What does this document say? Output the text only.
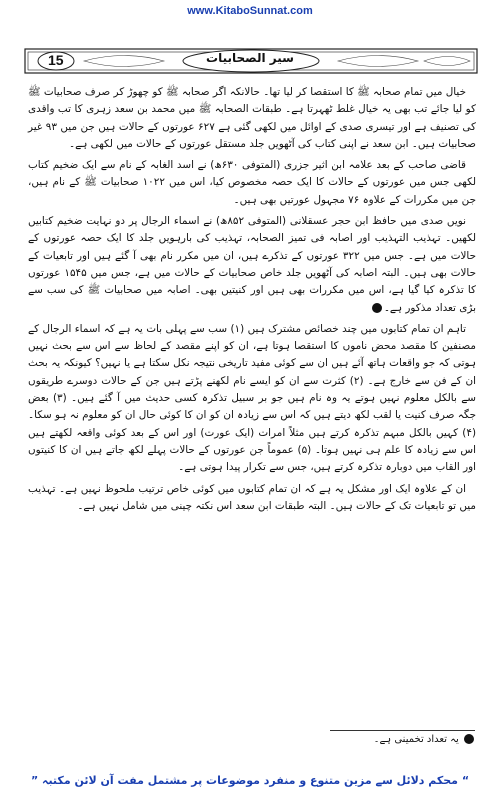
www.KitaboSunnat.com
15	سیر الصحابیات

خیال میں تمام صحابہ ﷺ کا استقصا کر لیا تھا۔ حالانکہ اگر صحابہ ﷺ کو چھوڑ کر صرف صحابیات ﷺ کو لیا جائے تب بھی یہ خیال غلط ٹھہرتا ہے۔ طبقات الصحابہ ﷺ میں محمد بن سعد زہری کا تب واقدی کی تصنیف ہے اور تیسری صدی کے اوائل میں لکھی گئی ہے ۶۲۷ عورتوں کے حالات ہیں جن میں ۹۳ غیر صحابیات ہیں۔ ابن سعد نے اپنی کتاب کی آٹھویں جلد مستقل عورتوں کے حالات میں لکھی ہے۔

قاضی صاحب کے بعد علامہ ابن اثیر جزری (المتوفی ۶۳۰ھ) نے اسد الغابہ کے نام سے ایک ضخیم کتاب لکھی جس میں عورتوں کے حالات کا ایک حصہ مخصوص کیا، اس میں ۱۰۲۲ صحابیات ﷺ کے نام ہیں، جن میں مکررات کے علاوہ ۷۶ مجہول عورتیں بھی ہیں۔

نویں صدی میں حافظ ابن حجر عسقلانی (المتوفی ۸۵۲ھ) نے اسماء الرجال پر دو نہایت ضخیم کتابیں لکھیں۔ تہذیب التہذیب اور اصابہ فی تمیز الصحابہ، تہذیب کی بارہویں جلد کا ایک حصہ عورتوں کے حالات میں ہے۔ جس میں ۳۲۲ عورتوں کے تذکرے ہیں، ان میں مکرر نام بھی آ گئے ہیں اور تابعیات کے حالات بھی ہیں۔ البتہ اصابہ کی آٹھویں جلد خاص صحابیات کے حالات میں ہے، جس میں ۱۵۴۵ عورتوں کا تذکرہ کیا گیا ہے، اس میں مکررات بھی ہیں اور کنیتیں بھی۔ اصابہ میں صحابیات ﷺ کی سب سے بڑی تعداد مذکور ہے۔

تاہم ان تمام کتابوں میں چند خصائص مشترک ہیں (۱) سب سے پہلی بات یہ ہے کہ اسماء الرجال کے مصنفین کا مقصد محض ناموں کا استقصا ہوتا ہے، ان کو اپنے مقصد کے لحاظ سے اس سے بحث نہیں ہوتی کہ جو واقعات ہاتھ آئے ہیں ان سے کوئی مفید تاریخی نتیجہ نکل سکتا ہے یا نہیں؟ کیونکہ یہ بحث ان کے فن سے خارج ہے۔ (۲) کثرت سے ان کو ایسے نام لکھنے پڑتے ہیں جن کے حالات دوسرے طریقوں سے بالکل معلوم نہیں ہوتے یہ وہ نام ہیں جو بر سبیل تذکرہ کسی حدیث میں آ گئے ہیں۔ (۳) بعض جگہ صرف کنیت یا لقب لکھ دیتے ہیں کہ اس سے زیادہ ان کو ان کا کوئی حال ان کو معلوم نہ ہو سکا۔ (۴) کہیں بالکل مبہم تذکرہ کرتے ہیں مثلاً امرات (ایک عورت) اور اس کے بعد کوئی واقعہ لکھتے ہیں اس سے زیادہ کا علم ہی نہیں ہوتا۔ (۵) عموماً جن عورتوں کے حالات پہلے لکھ جاتے ہیں ان کا کنیتوں اور القاب میں دوبارہ تذکرہ کرتے ہیں، جس سے تکرار پیدا ہوتی ہے۔

ان کے علاوہ ایک اور مشکل یہ ہے کہ ان تمام کتابوں میں کوئی خاص ترتیب ملحوظ نہیں ہے۔ تہذیب میں تو تابعیات تک کے حالات ہیں۔ البتہ طبقات ابن سعد اس نکتہ چینی میں شامل نہیں ہے۔

یہ تعداد تخمینی ہے۔
“ محکم دلائل سے مزین متنوع و منفرد موضوعات پر مشتمل مفت آن لائن مکتبہ ”
